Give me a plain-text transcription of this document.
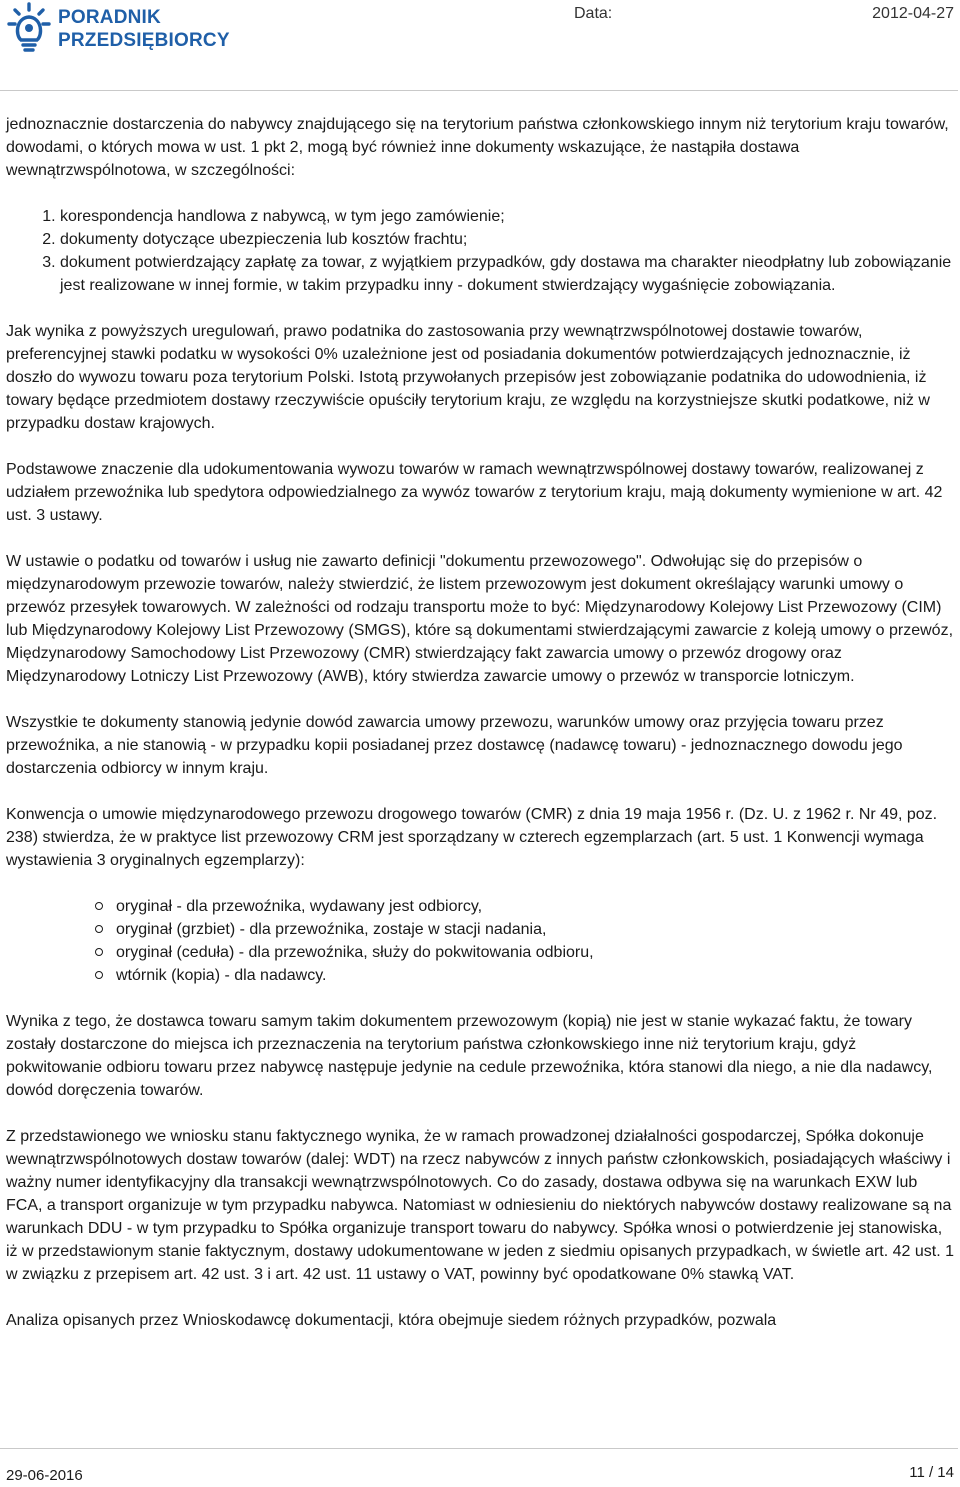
PORADNIK
PRZEDSIĘBIORCY
Data:	2012-04-27

jednoznacznie dostarczenia do nabywcy znajdującego się na terytorium państwa członkowskiego innym niż terytorium kraju towarów, dowodami, o których mowa w ust. 1 pkt 2, mogą być również inne dokumenty wskazujące, że nastąpiła dostawa wewnątrzwspólnotowa, w szczególności:

1. korespondencja handlowa z nabywcą, w tym jego zamówienie;
2. dokumenty dotyczące ubezpieczenia lub kosztów frachtu;
3. dokument potwierdzający zapłatę za towar, z wyjątkiem przypadków, gdy dostawa ma charakter nieodpłatny lub zobowiązanie jest realizowane w innej formie, w takim przypadku inny - dokument stwierdzający wygaśnięcie zobowiązania.

Jak wynika z powyższych uregulowań, prawo podatnika do zastosowania przy wewnątrzwspólnotowej dostawie towarów, preferencyjnej stawki podatku w wysokości 0% uzależnione jest od posiadania dokumentów potwierdzających jednoznacznie, iż doszło do wywozu towaru poza terytorium Polski. Istotą przywołanych przepisów jest zobowiązanie podatnika do udowodnienia, iż towary będące przedmiotem dostawy rzeczywiście opuściły terytorium kraju, ze względu na korzystniejsze skutki podatkowe, niż w przypadku dostaw krajowych.

Podstawowe znaczenie dla udokumentowania wywozu towarów w ramach wewnątrzwspólnowej dostawy towarów, realizowanej z udziałem przewoźnika lub spedytora odpowiedzialnego za wywóz towarów z terytorium kraju, mają dokumenty wymienione w art. 42 ust. 3 ustawy.

W ustawie o podatku od towarów i usług nie zawarto definicji "dokumentu przewozowego". Odwołując się do przepisów o międzynarodowym przewozie towarów, należy stwierdzić, że listem przewozowym jest dokument określający warunki umowy o przewóz przesyłek towarowych. W zależności od rodzaju transportu może to być: Międzynarodowy Kolejowy List Przewozowy (CIM) lub Międzynarodowy Kolejowy List Przewozowy (SMGS), które są dokumentami stwierdzającymi zawarcie z koleją umowy o przewóz, Międzynarodowy Samochodowy List Przewozowy (CMR) stwierdzający fakt zawarcia umowy o przewóz drogowy oraz Międzynarodowy Lotniczy List Przewozowy (AWB), który stwierdza zawarcie umowy o przewóz w transporcie lotniczym.

Wszystkie te dokumenty stanowią jedynie dowód zawarcia umowy przewozu, warunków umowy oraz przyjęcia towaru przez przewoźnika, a nie stanowią - w przypadku kopii posiadanej przez dostawcę (nadawcę towaru) - jednoznacznego dowodu jego dostarczenia odbiorcy w innym kraju.

Konwencja o umowie międzynarodowego przewozu drogowego towarów (CMR) z dnia 19 maja 1956 r. (Dz. U. z 1962 r. Nr 49, poz. 238) stwierdza, że w praktyce list przewozowy CRM jest sporządzany w czterech egzemplarzach (art. 5 ust. 1 Konwencji wymaga wystawienia 3 oryginalnych egzemplarzy):

oryginał - dla przewoźnika, wydawany jest odbiorcy,
oryginał (grzbiet) - dla przewoźnika, zostaje w stacji nadania,
oryginał (ceduła) - dla przewoźnika, służy do pokwitowania odbioru,
wtórnik (kopia) - dla nadawcy.

Wynika z tego, że dostawca towaru samym takim dokumentem przewozowym (kopią) nie jest w stanie wykazać faktu, że towary zostały dostarczone do miejsca ich przeznaczenia na terytorium państwa członkowskiego inne niż terytorium kraju, gdyż pokwitowanie odbioru towaru przez nabywcę następuje jedynie na cedule przewoźnika, która stanowi dla niego, a nie dla nadawcy, dowód doręczenia towarów.

Z przedstawionego we wniosku stanu faktycznego wynika, że w ramach prowadzonej działalności gospodarczej, Spółka dokonuje wewnątrzwspólnotowych dostaw towarów (dalej: WDT) na rzecz nabywców z innych państw członkowskich, posiadających właściwy i ważny numer identyfikacyjny dla transakcji wewnątrzwspólnotowych. Co do zasady, dostawa odbywa się na warunkach EXW lub FCA, a transport organizuje w tym przypadku nabywca. Natomiast w odniesieniu do niektórych nabywców dostawy realizowane są na warunkach DDU - w tym przypadku to Spółka organizuje transport towaru do nabywcy. Spółka wnosi o potwierdzenie jej stanowiska, iż w przedstawionym stanie faktycznym, dostawy udokumentowane w jeden z siedmiu opisanych przypadkach, w świetle art. 42 ust. 1 w związku z przepisem art. 42 ust. 3 i art. 42 ust. 11 ustawy o VAT, powinny być opodatkowane 0% stawką VAT.

Analiza opisanych przez Wnioskodawcę dokumentacji, która obejmuje siedem różnych przypadków, pozwala

29-06-2016	11 / 14
